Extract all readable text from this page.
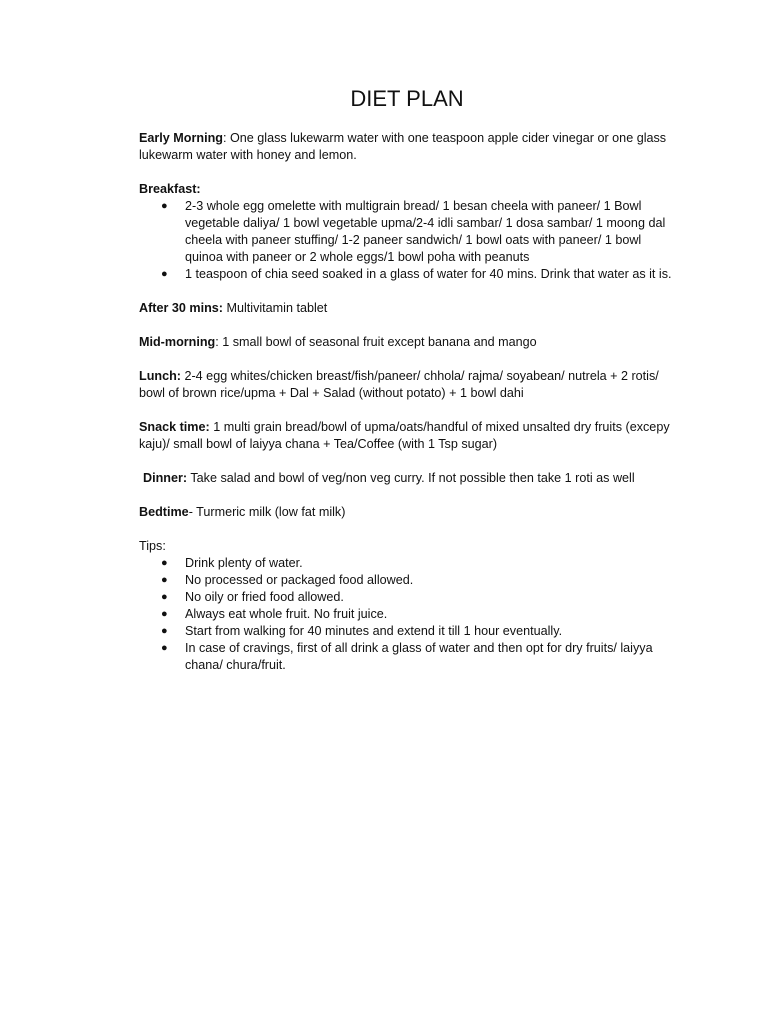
DIET PLAN

Early Morning: One glass lukewarm water with one teaspoon apple cider vinegar or one glass lukewarm water with honey and lemon.

Breakfast:
● 2-3 whole egg omelette with multigrain bread/ 1 besan cheela with paneer/ 1 Bowl vegetable daliya/ 1 bowl vegetable upma/2-4 idli sambar/ 1 dosa sambar/ 1 moong dal cheela with paneer stuffing/ 1-2 paneer sandwich/ 1 bowl oats with paneer/ 1 bowl quinoa with paneer or 2 whole eggs/1 bowl poha with peanuts
● 1 teaspoon of chia seed soaked in a glass of water for 40 mins. Drink that water as it is.

After 30 mins: Multivitamin tablet

Mid-morning: 1 small bowl of seasonal fruit except banana and mango

Lunch: 2-4 egg whites/chicken breast/fish/paneer/ chhola/ rajma/ soyabean/ nutrela + 2 rotis/ bowl of brown rice/upma + Dal + Salad (without potato) + 1 bowl dahi

Snack time: 1 multi grain bread/bowl of upma/oats/handful of mixed unsalted dry fruits (excepy kaju)/ small bowl of laiyya chana + Tea/Coffee (with 1 Tsp sugar)

Dinner: Take salad and bowl of veg/non veg curry. If not possible then take 1 roti as well

Bedtime- Turmeric milk (low fat milk)

Tips:
● Drink plenty of water.
● No processed or packaged food allowed.
● No oily or fried food allowed.
● Always eat whole fruit. No fruit juice.
● Start from walking for 40 minutes and extend it till 1 hour eventually.
● In case of cravings, first of all drink a glass of water and then opt for dry fruits/ laiyya chana/ chura/fruit.
